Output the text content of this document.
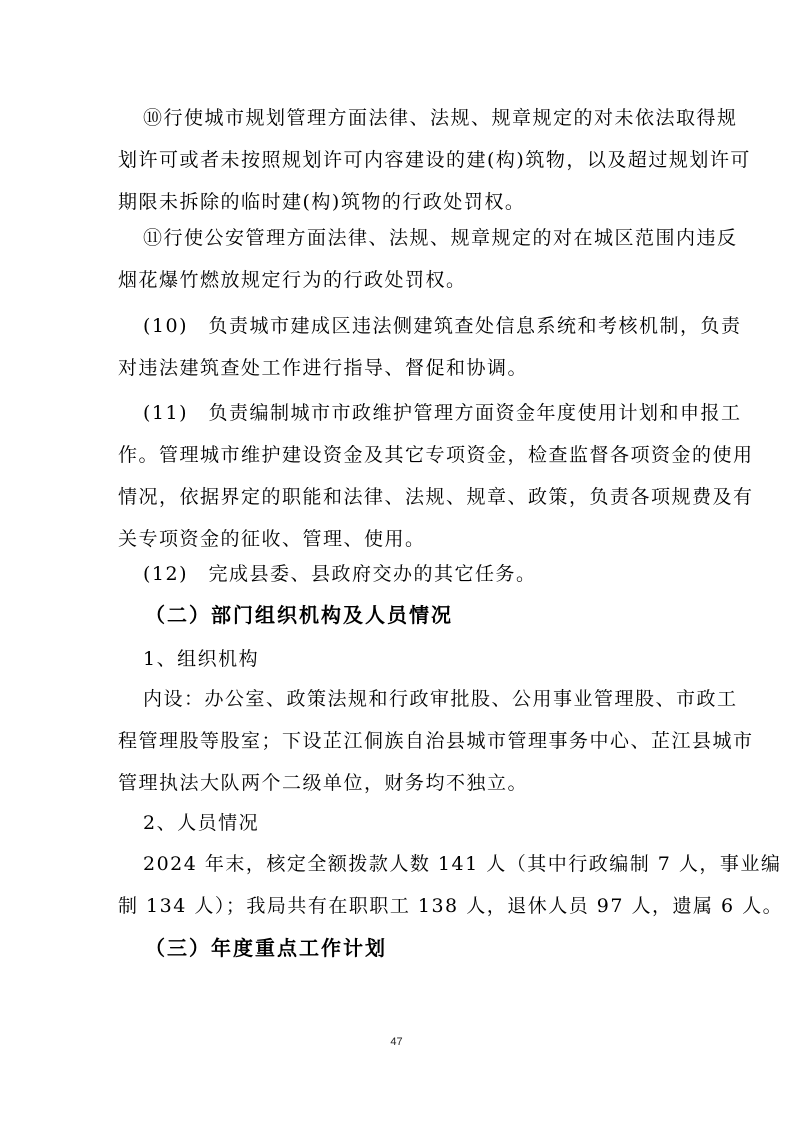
⑩行使城市规划管理方面法律、法规、规章规定的对未依法取得规
划许可或者未按照规划许可内容建设的建(构)筑物，以及超过规划许可
期限未拆除的临时建(构)筑物的行政处罚权。

⑪行使公安管理方面法律、法规、规章规定的对在城区范围内违反
烟花爆竹燃放规定行为的行政处罚权。

(10)　负责城市建成区违法侧建筑查处信息系统和考核机制，负责
对违法建筑查处工作进行指导、督促和协调。

(11)　负责编制城市市政维护管理方面资金年度使用计划和申报工
作。管理城市维护建设资金及其它专项资金，检查监督各项资金的使用
情况，依据界定的职能和法律、法规、规章、政策，负责各项规费及有
关专项资金的征收、管理、使用。

(12)　完成县委、县政府交办的其它任务。

（二）部门组织机构及人员情况

1、组织机构

内设：办公室、政策法规和行政审批股、公用事业管理股、市政工
程管理股等股室；下设芷江侗族自治县城市管理事务中心、芷江县城市
管理执法大队两个二级单位，财务均不独立。

2、人员情况

2024 年末，核定全额拨款人数 141 人（其中行政编制 7 人，事业编
制 134 人）；我局共有在职职工 138 人，退休人员 97 人，遗属 6 人。

（三）年度重点工作计划

47
